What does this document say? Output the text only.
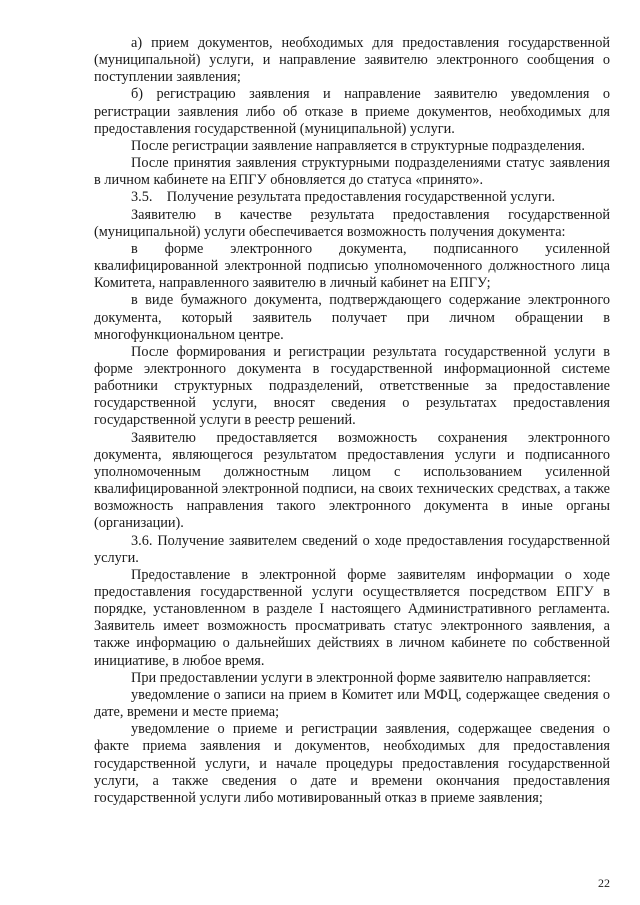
а) прием документов, необходимых для предоставления государственной (муниципальной) услуги, и направление заявителю электронного сообщения о поступлении заявления;

б) регистрацию заявления и направление заявителю уведомления о регистрации заявления либо об отказе в приеме документов, необходимых для предоставления государственной (муниципальной) услуги.

После регистрации заявление направляется в структурные подразделения.

После принятия заявления структурными подразделениями статус заявления в личном кабинете на ЕПГУ обновляется до статуса «принято».

3.5.    Получение результата предоставления государственной услуги.

Заявителю в качестве результата предоставления государственной (муниципальной) услуги обеспечивается возможность получения документа:

в форме электронного документа, подписанного усиленной квалифицированной электронной подписью уполномоченного должностного лица Комитета, направленного заявителю в личный кабинет на ЕПГУ;

в виде бумажного документа, подтверждающего содержание электронного документа, который заявитель получает при личном обращении в многофункциональном центре.

После формирования и регистрации результата государственной услуги в форме электронного документа в государственной информационной системе работники структурных подразделений, ответственные за предоставление государственной услуги, вносят сведения о результатах предоставления государственной услуги в реестр решений.

Заявителю предоставляется возможность сохранения электронного документа, являющегося результатом предоставления услуги и подписанного уполномоченным должностным лицом с использованием усиленной квалифицированной электронной подписи, на своих технических средствах, а также возможность направления такого электронного документа в иные органы (организации).

3.6. Получение заявителем сведений о ходе предоставления государственной услуги.

Предоставление в электронной форме заявителям информации о ходе предоставления государственной услуги осуществляется посредством ЕПГУ в порядке, установленном в разделе I настоящего Административного регламента. Заявитель имеет возможность просматривать статус электронного заявления, а также информацию о дальнейших действиях в личном кабинете по собственной инициативе, в любое время.

При предоставлении услуги в электронной форме заявителю направляется:

уведомление о записи на прием в Комитет или МФЦ, содержащее сведения о дате, времени и месте приема;

уведомление о приеме и регистрации заявления, содержащее сведения о факте приема заявления и документов, необходимых для предоставления государственной услуги, и начале процедуры предоставления государственной услуги, а также сведения о дате и времени окончания предоставления государственной услуги либо мотивированный отказ в приеме заявления;

22
